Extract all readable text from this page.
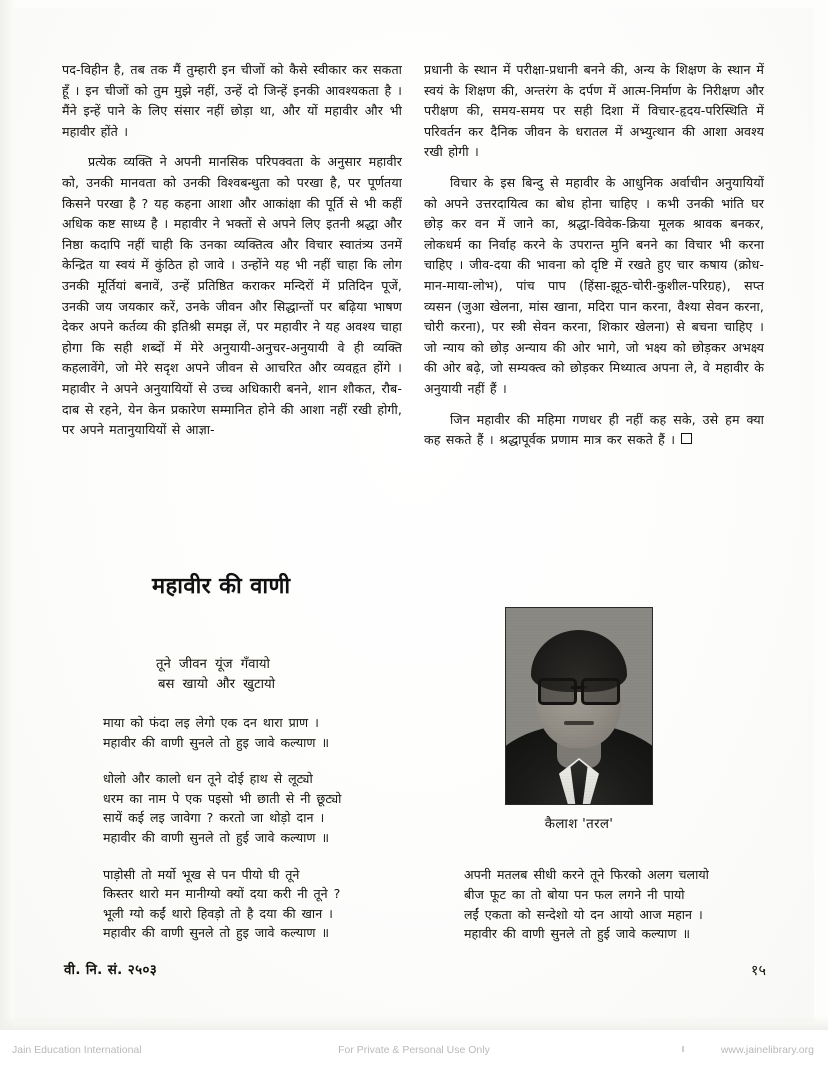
पद-विहीन है, तब तक मैं तुम्हारी इन चीजों को कैसे स्वीकार कर सकता हूँ । इन चीजों को तुम मुझे नहीं, उन्हें दो जिन्हें इनकी आवश्यकता है । मैंने इन्हें पाने के लिए संसार नहीं छोड़ा था, और यों महावीर और भी महावीर होंते ।

प्रत्येक व्यक्ति ने अपनी मानसिक परिपक्वता के अनुसार महावीर को, उनकी मानवता को उनकी विश्वबन्धुता को परखा है, पर पूर्णतया किसने परखा है ? यह कहना आशा और आकांक्षा की पूर्ति से भी कहीं अधिक कष्ट साध्य है । महावीर ने भक्तों से अपने लिए इतनी श्रद्धा और निष्ठा कदापि नहीं चाही कि उनका व्यक्तित्व और विचार स्वातंत्र्य उनमें केन्द्रित या स्वयं में कुंठित हो जावे । उन्होंने यह भी नहीं चाहा कि लोग उनकी मूर्तियां बनावें, उन्हें प्रतिष्ठित कराकर मन्दिरों में प्रतिदिन पूजें, उनकी जय जयकार करें, उनके जीवन और सिद्धान्तों पर बढ़िया भाषण देकर अपने कर्तव्य की इतिश्री समझ लें, पर महावीर ने यह अवश्य चाहा होगा कि सही शब्दों में मेरे अनुयायी-अनुचर-अनुयायी वे ही व्यक्ति कहलावेंगे, जो मेरे सदृश अपने जीवन से आचरित और व्यवहृत होंगे । महावीर ने अपने अनुयायियों से उच्च अधिकारी बनने, शान शौकत, रौब-दाब से रहने, येन केन प्रकारेण सम्मानित होने की आशा नहीं रखी होगी, पर अपने मतानुयायियों से आज्ञा-

प्रधानी के स्थान में परीक्षा-प्रधानी बनने की, अन्य के शिक्षण के स्थान में स्वयं के शिक्षण की, अन्तरंग के दर्पण में आत्म-निर्माण के निरीक्षण और परीक्षण की, समय-समय पर सही दिशा में विचार-हृदय-परिस्थिति में परिवर्तन कर दैनिक जीवन के धरातल में अभ्युत्थान की आशा अवश्य रखी होगी ।

विचार के इस बिन्दु से महावीर के आधुनिक अर्वाचीन अनुयायियों को अपने उत्तरदायित्व का बोध होना चाहिए । कभी उनकी भांति घर छोड़ कर वन में जाने का, श्रद्धा-विवेक-क्रिया मूलक श्रावक बनकर, लोकधर्म का निर्वाह करने के उपरान्त मुनि बनने का विचार भी करना चाहिए । जीव-दया की भावना को दृष्टि में रखते हुए चार कषाय (क्रोध-मान-माया-लोभ), पांच पाप (हिंसा-झूठ-चोरी-कुशील-परिग्रह), सप्त व्यसन (जुआ खेलना, मांस खाना, मदिरा पान करना, वैश्या सेवन करना, चोरी करना), पर स्त्री सेवन करना, शिकार खेलना) से बचना चाहिए । जो न्याय को छोड़ अन्याय की ओर भागे, जो भक्ष्य को छोड़कर अभक्ष्य की ओर बढ़े, जो सम्यक्त्व को छोड़कर मिथ्यात्व अपना ले, वे महावीर के अनुयायी नहीं हैं ।

जिन महावीर की महिमा गणधर ही नहीं कह सके, उसे हम क्या कह सकते हैं । श्रद्धापूर्वक प्रणाम मात्र कर सकते हैं ।

महावीर की वाणी
तूने जीवन यूंज गँवायो
बस खायो और खुटायो
माया को फंदा लइ लेगो एक दन थारा प्राण ।
महावीर की वाणी सुनले तो हुइ जावे कल्याण ॥
धोलो और कालो धन तूने दोई हाथ से लूट्यो
धरम का नाम पे एक पइसो भी छाती से नी छूट्यो
सायें कई लइ जावेगा ? करतो जा थोड़ो दान ।
महावीर की वाणी सुनले तो हुई जावे कल्याण ॥
पाड़ोसी तो मर्यो भूख से पन पीयो घी तूने
किस्तर थारो मन मानीग्यो क्यों दया करी नी तूने ?
भूली ग्यो कईं थारो हिवड़ो तो है दया की खान ।
महावीर की वाणी सुनले तो हुइ जावे कल्याण ॥
कैलाश 'तरल'
अपनी मतलब सीधी करने तूने फिरको अलग चलायो
बीज फूट का तो बोया पन फल लगने नी पायो
लईं एकता को सन्देशो यो दन आयो आज महान ।
महावीर की वाणी सुनले तो हुई जावे कल्याण ॥
वी. नि. सं. २५०३	१५
Jain Education International	For Private & Personal Use Only	www.jainelibrary.org
